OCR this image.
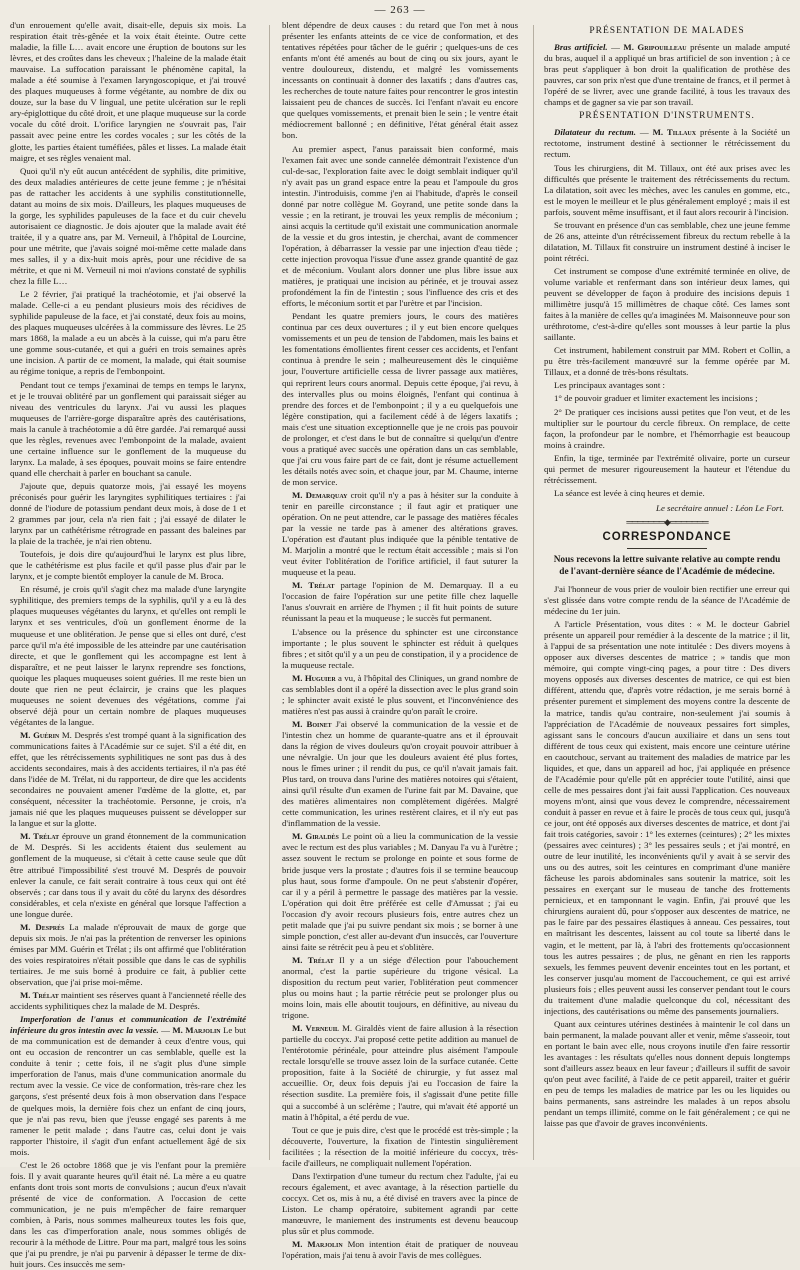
— 263 —

d'un enrouement qu'elle avait, disait-elle, depuis six mois. La respiration était très-gênée et la voix était éteinte. Outre cette maladie, la fille L… avait encore une éruption de boutons sur les lèvres, et des croûtes dans les cheveux ; l'haleine de la malade était mauvaise. La suffocation paraissant le phénomène capital, la malade a été soumise à l'examen laryngoscopique, et j'ai trouvé des plaques muqueuses à forme végétante, au nombre de dix ou douze, sur la base du V lingual, une petite ulcération sur le repli ary-épiglottique du côté droit, et une plaque muqueuse sur la corde vocale du côté droit. L'orifice laryngien ne s'ouvrait pas, l'air passait avec peine entre les cordes vocales ; sur les côtés de la glotte, les parties étaient tuméfiées, pâles et lisses. La malade était maigre, et ses règles venaient mal.

Quoi qu'il n'y eût aucun antécédent de syphilis, dite primitive, des deux maladies antérieures de cette jeune femme ; je n'hésitai pas de rattacher les accidents à une syphilis constitutionnelle, datant au moins de six mois. D'ailleurs, les plaques muqueuses de la gorge, les syphilides papuleuses de la face et du cuir chevelu autorisaient ce diagnostic. Je dois ajouter que la malade avait été traitée, il y a quatre ans, par M. Verneuil, à l'hôpital de Lourcine, pour une métrite, que j'avais soigné moi-même cette malade dans mes salles, il y a dix-huit mois après, pour une récidive de sa métrite, et que ni M. Verneuil ni moi n'avions constaté de syphilis chez la fille L…

Le 2 février, j'ai pratiqué la trachéotomie, et j'ai observé la malade. Celle-ci a eu pendant plusieurs mois des récidives de syphilide papuleuse de la face, et j'ai constaté, deux fois au moins, des plaques muqueuses ulcérées à la commissure des lèvres. Le 25 mars 1868, la malade a eu un abcès à la cuisse, qui m'a paru être une gomme sous-cutanée, et qui a guéri en trois semaines après une incision. A partir de ce moment, la malade, qui était soumise au régime tonique, a repris de l'embonpoint.

Pendant tout ce temps j'examinai de temps en temps le larynx, et je le trouvai oblitéré par un gonflement qui paraissait siéger au niveau des ventricules du larynx. J'ai vu aussi les plaques muqueuses de l'arrière-gorge disparaître après des cautérisations, mais la canule à trachéotomie a dû être gardée. J'ai remarqué aussi que les règles, revenues avec l'embonpoint de la malade, avaient une certaine influence sur le gonflement de la muqueuse du larynx. La malade, à ses époques, pouvait moins se faire entendre quand elle cherchait à parler en bouchant sa canule.

J'ajoute que, depuis quatorze mois, j'ai essayé les moyens préconisés pour guérir les laryngites syphilitiques tertiaires : j'ai donné de l'iodure de potassium pendant deux mois, à dose de 1 et 2 grammes par jour, cela n'a rien fait ; j'ai essayé de dilater le larynx par un cathétérisme rétrograde en passant des baleines par la plaie de la trachée, je n'ai rien obtenu.

Toutefois, je dois dire qu'aujourd'hui le larynx est plus libre, que le cathétérisme est plus facile et qu'il passe plus d'air par le larynx, et je compte bientôt employer la canule de M. Broca.

En résumé, je crois qu'il s'agit chez ma malade d'une laryngite syphilitique, des premiers temps de la syphilis, qu'il y a eu là des plaques muqueuses végétantes du larynx, et qu'elles ont rempli le larynx et ses ventricules, d'où un gonflement énorme de la muqueuse et une oblitération. Je pense que si elles ont duré, c'est parce qu'il m'a été impossible de les atteindre par une cautérisation directe, et que le gonflement qui les accompagne est lent à disparaître, et ne peut laisser le larynx reprendre ses fonctions, quoique les plaques muqueuses soient guéries. Il me reste bien un doute que rien ne peut éclaircir, je crains que les plaques muqueuses ne soient devenues des végétations, comme j'ai observé déjà pour un certain nombre de plaques muqueuses végétantes de la langue.

M. Guérin M. Després s'est trompé quant à la signification des communications faites à l'Académie sur ce sujet. S'il a été dit, en effet, que les rétrécissements syphilitiques ne sont pas dus à des accidents secondaires, mais à des accidents tertiaires, il n'a pas été dans l'idée de M. Trélat, ni du rapporteur, de dire que les accidents secondaires ne pouvaient amener l'œdème de la glotte, et, par conséquent, nécessiter la trachéotomie. Personne, je crois, n'a jamais nié que les plaques muqueuses puissent se développer sur la langue et sur la glotte.

M. Trélat éprouve un grand étonnement de la communication de M. Després. Si les accidents étaient dus seulement au gonflement de la muqueuse, si c'était à cette cause seule que dût être attribué l'impossibilité s'est trouvé M. Després de pouvoir enlever la canule, ce fait serait contraire à tous ceux qui ont été observés ; car dans tous il y avait du côté du larynx des désordres considérables, et cela n'existe en général que lorsque l'affection a une longue durée.

M. Després La malade n'éprouvait de maux de gorge que depuis six mois. Je n'ai pas la prétention de renverser les opinions émises par MM. Guérin et Trélat ; ils ont affirmé que l'oblitération des voies respiratoires n'était possible que dans le cas de syphilis tertiaires. Je me suis borné à produire ce fait, à publier cette observation, que j'ai prise moi-même.

M. Trélat maintient ses réserves quant à l'ancienneté réelle des accidents syphilitiques chez la malade de M. Després.

Imperforation de l'anus et communication de l'extrémité inférieure du gros intestin avec la vessie. — M. Marjolin Le but de ma communication est de demander à ceux d'entre vous, qui ont eu occasion de rencontrer un cas semblable, quelle est la conduite à tenir ; cette fois, il ne s'agit plus d'une simple imperforation de l'anus, mais d'une communication anormale du rectum avec la vessie. Ce vice de conformation, très-rare chez les garçons, s'est présenté deux fois à mon observation dans l'espace de quelques mois, la dernière fois chez un enfant de cinq jours, que je n'ai pas revu, bien que j'eusse engagé ses parents à me ramener le petit malade ; dans l'autre cas, celui dont je vais rapporter l'histoire, il s'agit d'un enfant actuellement âgé de six mois.

C'est le 26 octobre 1868 que je vis l'enfant pour la première fois. Il y avait quarante heures qu'il était né. La mère a eu quatre enfants dont trois sont morts de convulsions ; aucun d'eux n'avait présenté de vice de conformation. A l'occasion de cette communication, je ne puis m'empêcher de faire remarquer combien, à Paris, nous sommes malheureux toutes les fois que, dans les cas d'imperforation anale, nous sommes obligés de recourir à la méthode de Littre. Pour ma part, malgré tous les soins que j'ai pu prendre, je n'ai pu parvenir à dépasser le terme de dix-huit jours. Ces insuccès me sem-

blent dépendre de deux causes : du retard que l'on met à nous présenter les enfants atteints de ce vice de conformation, et des tentatives répétées pour tâcher de le guérir ; quelques-uns de ces enfants m'ont été amenés au bout de cinq ou six jours, ayant le ventre douloureux, distendu, et malgré les vomissements incessants on continuait à donner des laxatifs ; dans d'autres cas, les recherches de toute nature faites pour rencontrer le gros intestin laissaient peu de chances de succès. Ici l'enfant n'avait eu encore que quelques vomissements, et prenait bien le sein ; le ventre était médiocrement ballonné ; en définitive, l'état général était assez bon.

Au premier aspect, l'anus paraissait bien conformé, mais l'examen fait avec une sonde cannelée démontrait l'existence d'un cul-de-sac, l'exploration faite avec le doigt semblait indiquer qu'il n'y avait pas un grand espace entre la peau et l'ampoule du gros intestin. J'introduisis, comme j'en ai l'habitude, d'après le conseil donné par notre collègue M. Goyrand, une petite sonde dans la vessie ; en la retirant, je trouvai les yeux remplis de méconium ; ainsi acquis la certitude qu'il existait une communication anormale de la vessie et du gros intestin, je cherchai, avant de commencer l'opération, à débarrasser la vessie par une injection d'eau tiède ; cette injection provoqua l'issue d'une assez grande quantité de gaz et de méconium. Voulant alors donner une plus libre issue aux matières, je pratiquai une incision au périnée, et je trouvai assez profondément la fin de l'intestin ; sous l'influence des cris et des efforts, le méconium sortit et par l'urètre et par l'incision.

Pendant les quatre premiers jours, le cours des matières continua par ces deux ouvertures ; il y eut bien encore quelques vomissements et un peu de tension de l'abdomen, mais les bains et les fomentations émollientes firent cesser ces accidents, et l'enfant continua à prendre le sein ; malheureusement dès le cinquième jour, l'ouverture artificielle cessa de livrer passage aux matières, qui reprirent leurs cours anormal. Depuis cette époque, j'ai revu, à des intervalles plus ou moins éloignés, l'enfant qui continua à prendre des forces et de l'embonpoint ; il y a eu quelquefois une légère constipation, qui a facilement cédé à de légers laxatifs ; mais c'est une situation exceptionnelle que je ne crois pas pouvoir de prolonger, et c'est dans le but de connaître si quelqu'un d'entre vous a pratiqué avec succès une opération dans un cas semblable, que j'ai cru vous faire part de ce fait, dont je résume actuellement les détails notés avec soin, et chaque jour, par M. Chaume, interne de mon service.

M. Demarquay croit qu'il n'y a pas à hésiter sur la conduite à tenir en pareille circonstance ; il faut agir et pratiquer une opération. On ne peut attendre, car le passage des matières fécales par la vessie ne tarde pas à amener des altérations graves. L'opération est d'autant plus indiquée que la pénible tentative de M. Marjolin a montré que le rectum était accessible ; mais si l'on veut éviter l'oblitération de l'orifice artificiel, il faut suturer la muqueuse et la peau.

M. Trélat partage l'opinion de M. Demarquay. Il a eu l'occasion de faire l'opération sur une petite fille chez laquelle l'anus s'ouvrait en arrière de l'hymen ; il fit huit points de suture réunissant la peau et la muqueuse ; le succès fut permanent.

L'absence ou la présence du sphincter est une circonstance importante ; le plus souvent le sphincter est réduit à quelques fibres ; et sitôt qu'il y a un peu de constipation, il y a procidence de la muqueuse rectale.

M. Huguier a vu, à l'hôpital des Cliniques, un grand nombre de cas semblables dont il a opéré la dissection avec le plus grand soin ; le sphincter avait existé le plus souvent, et l'inconvénience des matières n'est pas aussi à craindre qu'on paraît le croire.

M. Boinet J'ai observé la communication de la vessie et de l'intestin chez un homme de quarante-quatre ans et il éprouvait dans la région de vives douleurs qu'on croyait pouvoir attribuer à une névralgie. Un jour que les douleurs avaient été plus fortes, nous le fîmes uriner ; il rendit du pus, ce qu'il n'avait jamais fait. Plus tard, on trouva dans l'urine des matières notoires qui s'étaient, ainsi qu'il résulte d'un examen de l'urine fait par M. Davaine, que des matières alimentaires non complètement digérées. Malgré cette communication, les urines restèrent claires, et il n'y eut pas d'inflammation de la vessie.

M. Giraldès Le point où a lieu la communication de la vessie avec le rectum est des plus variables ; M. Danyau l'a vu à l'urètre ; assez souvent le rectum se prolonge en pointe et sous forme de bride jusque vers la prostate ; d'autres fois il se termine beaucoup plus haut, sous forme d'ampoule. On ne peut s'abstenir d'opérer, car il y a péril à permettre le passage des matières par la vessie. L'opération qui doit être préférée est celle d'Amussat ; j'ai eu l'occasion d'y avoir recours plusieurs fois, entre autres chez un petit malade que j'ai pu suivre pendant six mois ; se borner à une simple ponction, c'est aller au-devant d'un insuccès, car l'ouverture ainsi faite se rétrécit peu à peu et s'oblitère.

M. Trélat Il y a un siége d'élection pour l'abouchement anormal, c'est la partie supérieure du trigone vésical. La disposition du rectum peut varier, l'oblitération peut commencer plus ou moins haut ; la partie rétrécie peut se prolonger plus ou moins loin, mais elle aboutit toujours, en définitive, au niveau du trigone.

M. Verneuil M. Giraldès vient de faire allusion à la résection partielle du coccyx. J'ai proposé cette petite addition au manuel de l'entérotomie périnéale, pour atteindre plus aisément l'ampoule rectale lorsqu'elle se trouve assez loin de la surface cutanée. Cette proposition, faite à la Société de chirurgie, y fut assez mal accueillie. Or, deux fois depuis j'ai eu l'occasion de faire la résection susdite. La première fois, il s'agissait d'une petite fille qui a succombé à un sclérème ; l'autre, qui m'avait été apporté un matin à l'hôpital, a été perdu de vue.

Tout ce que je puis dire, c'est que le procédé est très-simple ; la découverte, l'ouverture, la fixation de l'intestin singulièrement facilitées ; la résection de la moitié inférieure du coccyx, très-facile d'ailleurs, ne compliquait nullement l'opération.

Dans l'extirpation d'une tumeur du rectum chez l'adulte, j'ai eu recours également, et avec avantage, à la résection partielle du coccyx. Cet os, mis à nu, a été divisé en travers avec la pince de Liston. Le champ opératoire, subitement agrandi par cette manœuvre, le maniement des instruments est devenu beaucoup plus sûr et plus commode.

M. Marjolin Mon intention était de pratiquer de nouveau l'opération, mais j'ai tenu à avoir l'avis de mes collègues.

PRÉSENTATION DE MALADES

Bras artificiel. — M. Gripouilleau présente un malade amputé du bras, auquel il a appliqué un bras artificiel de son invention ; à ce bras peut s'appliquer à bon droit la qualification de prothèse des pauvres, car son prix n'est que d'une trentaine de francs, et il permet à l'opéré de se livrer, avec une grande facilité, à tous les travaux des champs et de gagner sa vie par son travail.

PRÉSENTATION D'INSTRUMENTS.

Dilatateur du rectum. — M. Tillaux présente à la Société un rectotome, instrument destiné à sectionner le rétrécissement du rectum.

Tous les chirurgiens, dit M. Tillaux, ont été aux prises avec les difficultés que présente le traitement des rétrécissements du rectum. La dilatation, soit avec les mèches, avec les canules en gomme, etc., est le moyen le meilleur et le plus généralement employé ; mais il est parfois, souvent même insuffisant, et il faut alors recourir à l'incision.

Se trouvant en présence d'un cas semblable, chez une jeune femme de 26 ans, atteinte d'un rétrécissement fibreux du rectum rebelle à la dilatation, M. Tillaux fit construire un instrument destiné à inciser le point rétréci.

Cet instrument se compose d'une extrémité terminée en olive, de volume variable et renfermant dans son intérieur deux lames, qui peuvent se développer de façon à produire des incisions depuis 1 millimètre jusqu'à 15 millimètres de chaque côté. Ces lames sont faites à la manière de celles qu'a imaginées M. Maisonneuve pour son uréthrotome, c'est-à-dire qu'elles sont mousses à leur partie la plus saillante.

Cet instrument, habilement construit par MM. Robert et Collin, a pu être très-facilement manœuvré sur la femme opérée par M. Tillaux, et a donné de très-bons résultats.

Les principaux avantages sont :

1° de pouvoir graduer et limiter exactement les incisions ;

2° De pratiquer ces incisions aussi petites que l'on veut, et de les multiplier sur le pourtour du cercle fibreux. On remplace, de cette façon, la profondeur par le nombre, et l'hémorrhagie est beaucoup moins à craindre.

Enfin, la tige, terminée par l'extrémité olivaire, porte un curseur qui permet de mesurer rigoureusement la hauteur et l'étendue du rétrécissement.

La séance est levée à cinq heures et demie.

Le secrétaire annuel : Léon Le Fort.
═══════◆═══════
CORRESPONDANCE
Nous recevons la lettre suivante relative au compte rendu de l'avant-dernière séance de l'Académie de médecine.

J'ai l'honneur de vous prier de vouloir bien rectifier une erreur qui s'est glissée dans votre compte rendu de la séance de l'Académie de médecine du 1er juin.

A l'article Présentation, vous dites : « M. le docteur Gabriel présente un appareil pour remédier à la descente de la matrice ; il lit, à l'appui de sa présentation une note intitulée : Des divers moyens à opposer aux diverses descentes de matrice ; » tandis que mon mémoire, qui compte vingt-cinq pages, a pour titre : Des divers moyens opposés aux diverses descentes de matrice, ce qui est bien différent, attendu que, d'après votre rédaction, je me serais borné à présenter purement et simplement des moyens contre la descente de la matrice, tandis qu'au contraire, non-seulement j'ai soumis à l'appréciation de l'Académie de nouveaux pessaires fort simples, agissant sans le concours d'aucun auxiliaire et dans un sens tout différent de tous ceux qui existent, mais encore une ceinture utérine en caoutchouc, servant au traitement des maladies de matrice par les liquides, et que, dans un appareil ad hoc, j'ai appliquée en présence de l'Académie pour qu'elle pût en apprécier toute l'utilité, ainsi que celle de mes pessaires dont j'ai fait aussi l'application. Ces nouveaux moyens m'ont, ainsi que vous devez le comprendre, nécessairement conduit à passer en revue et à faire le procès de tous ceux qui, jusqu'à ce jour, ont été opposés aux diverses descentes de matrice, et dont j'ai fait trois catégories, savoir : 1° les externes (ceintures) ; 2° les mixtes (pessaires avec ceintures) ; 3° les pessaires seuls ; et j'ai montré, en outre de leur inutilité, les inconvénients qu'il y avait à se servir des uns ou des autres, soit les ceintures en comprimant d'une manière fâcheuse les parois abdominales sans soutenir la matrice, soit les pessaires en exerçant sur le museau de tanche des frottements pernicieux, et en tamponnant le vagin. Enfin, j'ai prouvé que les chirurgiens auraient dû, pour s'opposer aux descentes de matrice, ne pas le faire par des pessaires élastiques à anneau. Ces pessaires, tout en maîtrisant les descentes, laissent au col toute sa liberté dans le vagin, et le mettent, par là, à l'abri des frottements qu'occasionnent tous les autres pessaires ; de plus, ne gênant en rien les rapports sexuels, les femmes peuvent devenir enceintes tout en les portant, et les conserver jusqu'au moment de l'accouchement, ce qui est arrivé plusieurs fois ; elles peuvent aussi les conserver pendant tout le cours du traitement d'une maladie quelconque du col, nécessitant des injections, des cautérisations ou même des pansements journaliers.

Quant aux ceintures utérines destinées à maintenir le col dans un bain permanent, la malade pouvant aller et venir, même s'asseoir, tout en portant le bain avec elle, nous croyons inutile d'en faire ressortir les avantages : les résultats qu'elles nous donnent depuis longtemps sont d'ailleurs assez beaux en leur faveur ; d'ailleurs il suffit de savoir qu'on peut avec facilité, à l'aide de ce petit appareil, traiter et guérir en peu de temps les maladies de matrice par les ou les liquides ou bains permanents, sans astreindre les malades à un repos absolu pendant un temps illimité, comme on le fait généralement ; ce qui ne laisse pas que d'avoir de graves inconvénients.
